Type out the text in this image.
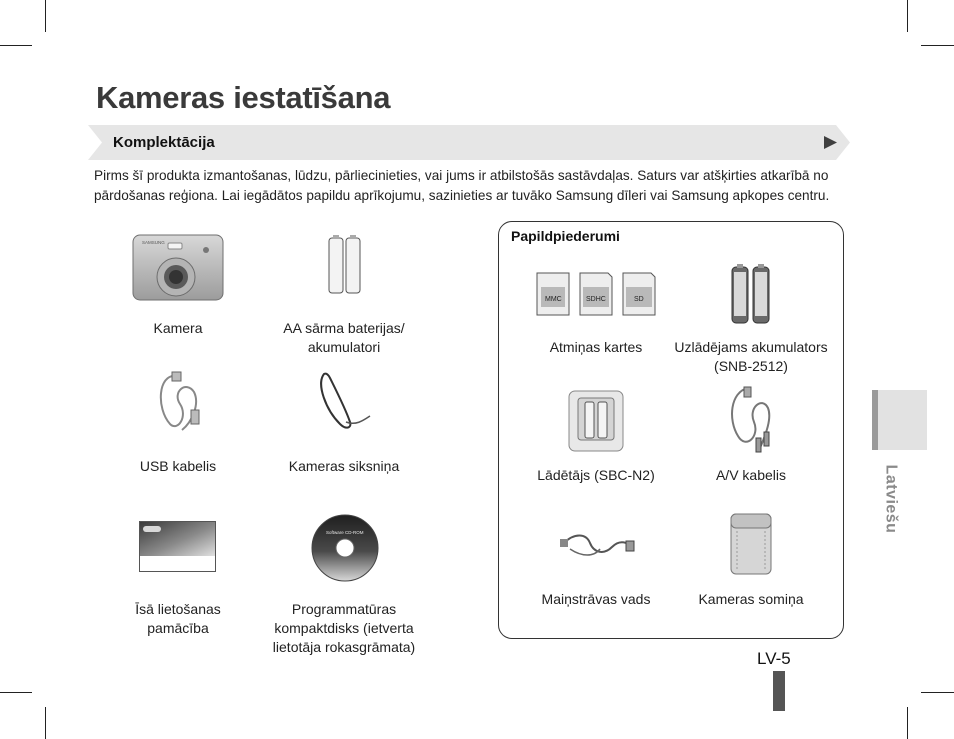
Kameras iestatīšana
Komplektācija
Pirms šī produkta izmantošanas, lūdzu, pārliecinieties, vai jums ir atbilstošās sastāvdaļas. Saturs var atšķirties atkarībā no
pārdošanas reģiona. Lai iegādātos papildu aprīkojumu, sazinieties ar tuvāko Samsung dīleri vai Samsung apkopes centru.
SAMSUNG
Kamera	AA sārma baterijas/
akumulatori
USB kabelis	Kameras siksniņa
Īsā lietošanas
pamācība
Software CD-ROM
Programmatūras
kompaktdisks (ietverta
lietotāja rokasgrāmata)
Papildpiederumi
MMC	SDHC	SD
Atmiņas kartes	Uzlādējams akumulators
(SNB-2512)
Lādētājs (SBC-N2)	A/V kabelis
Maiņstrāvas vads	Kameras somiņa
Latviešu
LV-5
